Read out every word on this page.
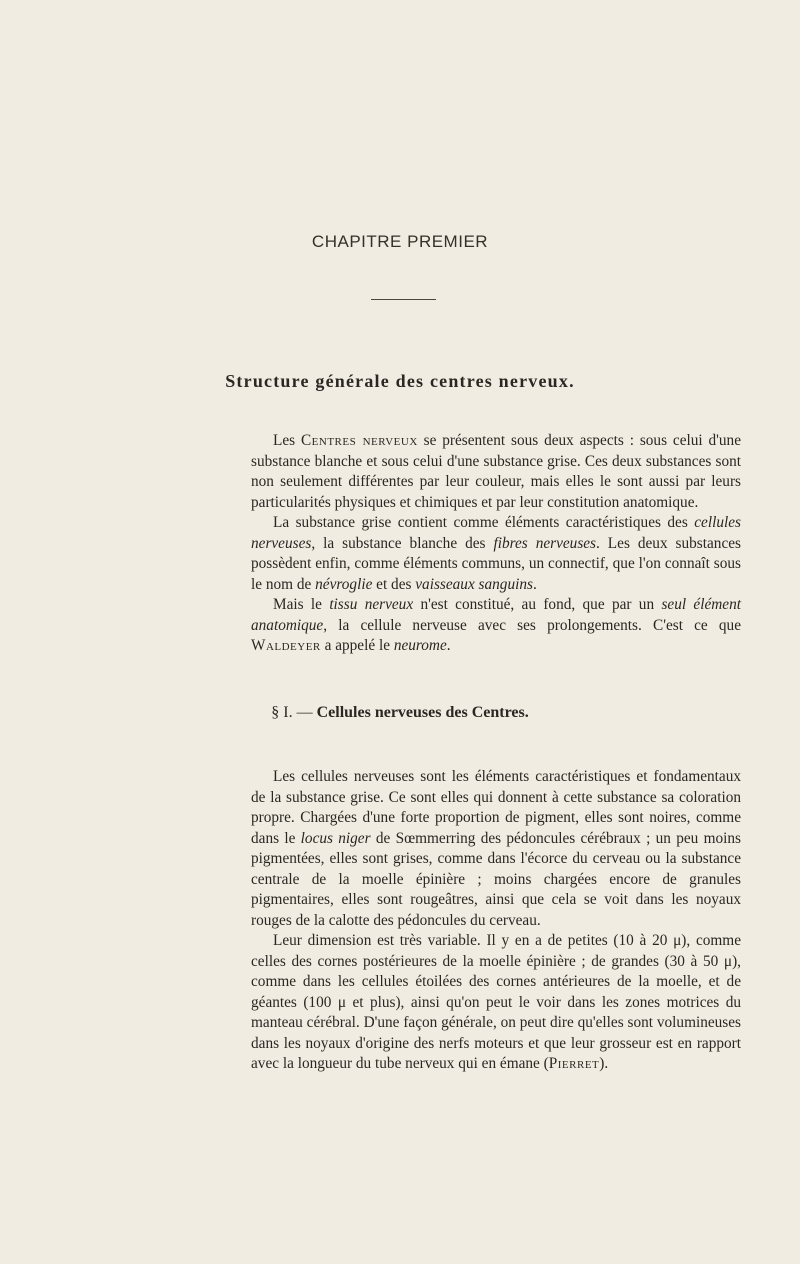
CHAPITRE PREMIER
Structure générale des centres nerveux.

Les Centres nerveux se présentent sous deux aspects : sous celui d'une substance blanche et sous celui d'une substance grise. Ces deux substances sont non seulement différentes par leur couleur, mais elles le sont aussi par leurs particularités physiques et chimiques et par leur constitution anatomique.

La substance grise contient comme éléments caractéristiques des cellules nerveuses, la substance blanche des fibres nerveuses. Les deux substances possèdent enfin, comme éléments communs, un connectif, que l'on connaît sous le nom de névroglie et des vaisseaux sanguins.

Mais le tissu nerveux n'est constitué, au fond, que par un seul élément anatomique, la cellule nerveuse avec ses prolongements. C'est ce que Waldeyer a appelé le neurome.

§ I. — Cellules nerveuses des Centres.

Les cellules nerveuses sont les éléments caractéristiques et fondamentaux de la substance grise. Ce sont elles qui donnent à cette substance sa coloration propre. Chargées d'une forte proportion de pigment, elles sont noires, comme dans le locus niger de Sœmmerring des pédoncules cérébraux ; un peu moins pigmentées, elles sont grises, comme dans l'écorce du cerveau ou la substance centrale de la moelle épinière ; moins chargées encore de granules pigmentaires, elles sont rougeâtres, ainsi que cela se voit dans les noyaux rouges de la calotte des pédoncules du cerveau.

Leur dimension est très variable. Il y en a de petites (10 à 20 μ), comme celles des cornes postérieures de la moelle épinière ; de grandes (30 à 50 μ), comme dans les cellules étoilées des cornes antérieures de la moelle, et de géantes (100 μ et plus), ainsi qu'on peut le voir dans les zones motrices du manteau cérébral. D'une façon générale, on peut dire qu'elles sont volumineuses dans les noyaux d'origine des nerfs moteurs et que leur grosseur est en rapport avec la longueur du tube nerveux qui en émane (Pierret).
